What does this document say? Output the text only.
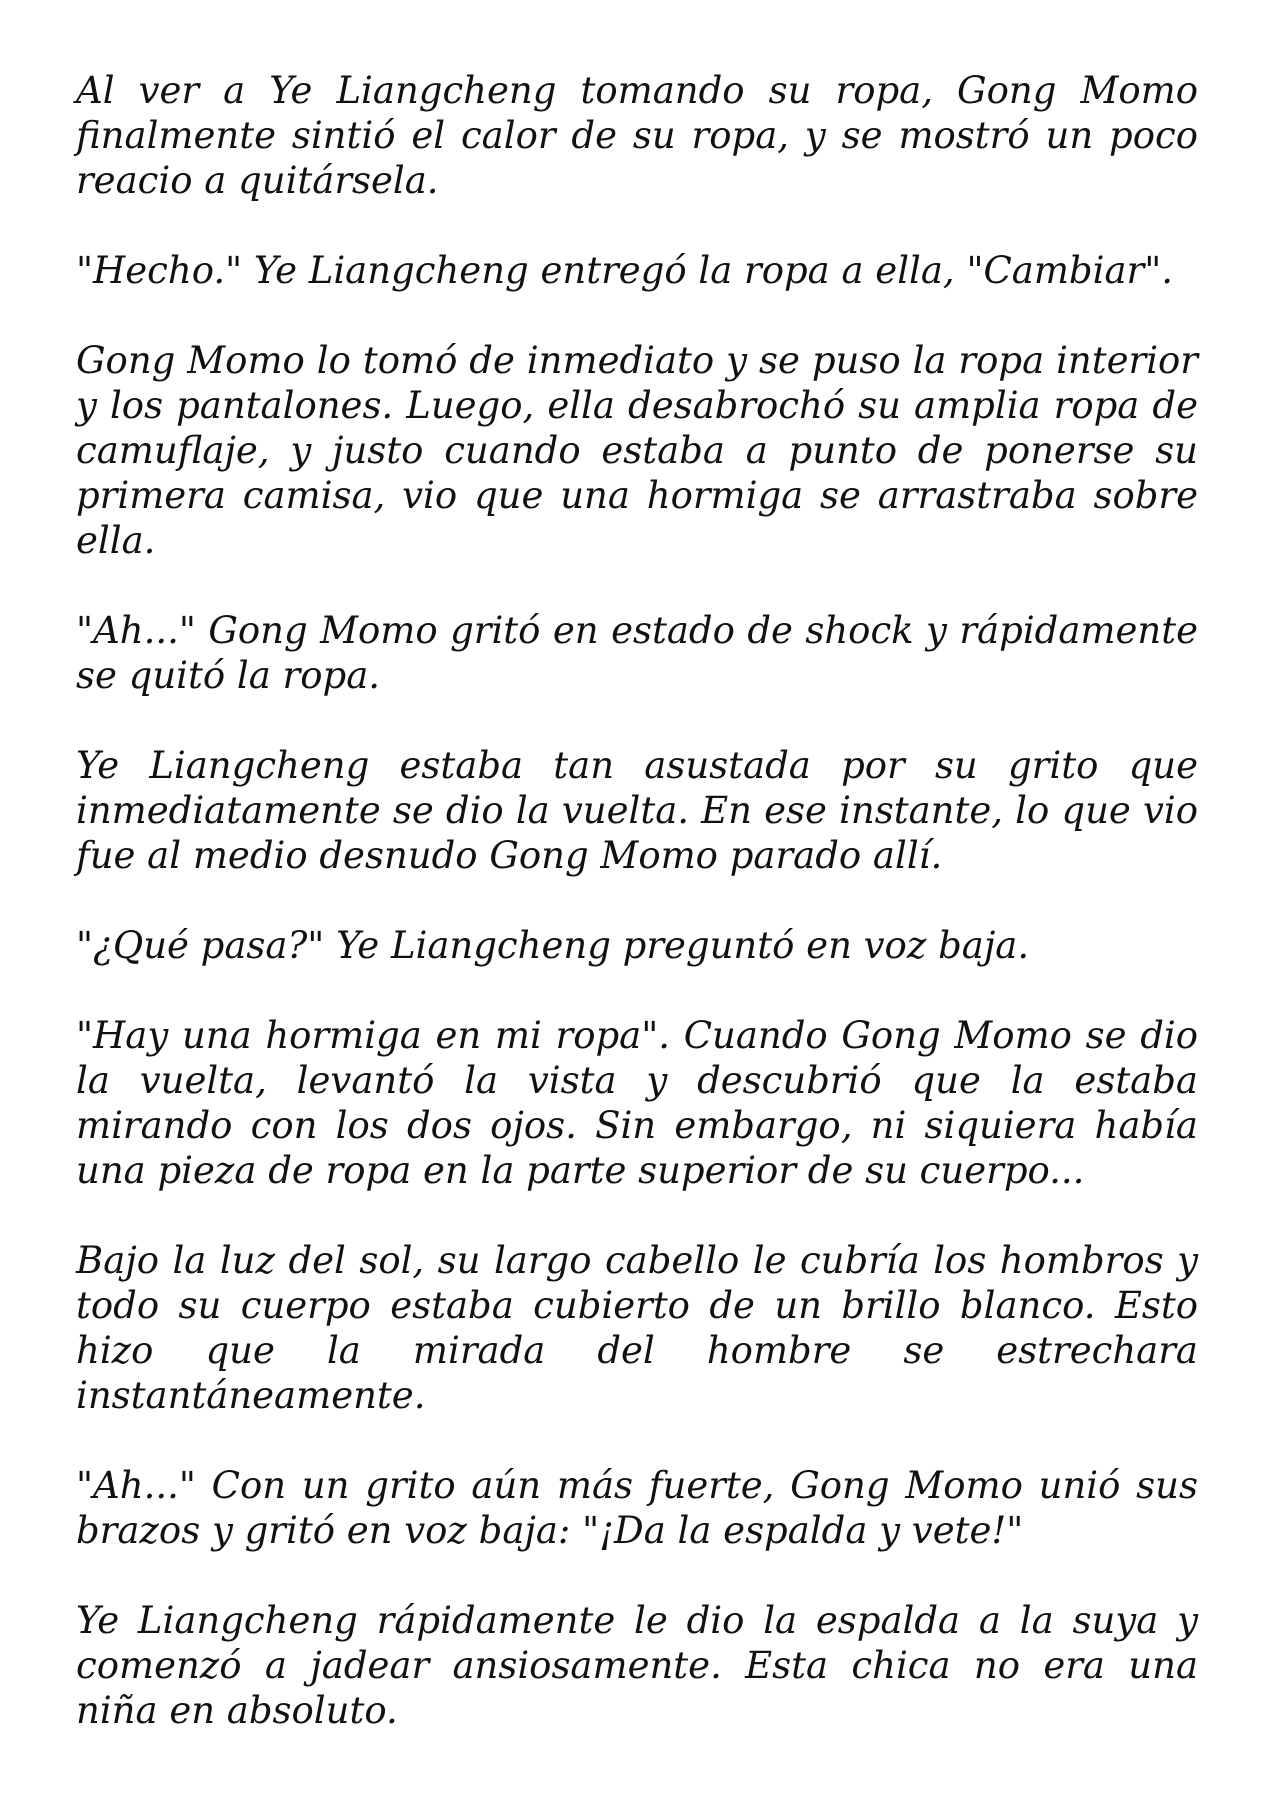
Al ver a Ye Liangcheng tomando su ropa, Gong Momo finalmente sintió el calor de su ropa, y se mostró un poco reacio a quitársela.

"Hecho." Ye Liangcheng entregó la ropa a ella, "Cambiar".

Gong Momo lo tomó de inmediato y se puso la ropa interior y los pantalones. Luego, ella desabrochó su amplia ropa de camuflaje, y justo cuando estaba a punto de ponerse su primera camisa, vio que una hormiga se arrastraba sobre ella.

"Ah..." Gong Momo gritó en estado de shock y rápidamente se quitó la ropa.

Ye Liangcheng estaba tan asustada por su grito que inmediatamente se dio la vuelta. En ese instante, lo que vio fue al medio desnudo Gong Momo parado allí.

"¿Qué pasa?" Ye Liangcheng preguntó en voz baja.

"Hay una hormiga en mi ropa". Cuando Gong Momo se dio la vuelta, levantó la vista y descubrió que la estaba mirando con los dos ojos. Sin embargo, ni siquiera había una pieza de ropa en la parte superior de su cuerpo...

Bajo la luz del sol, su largo cabello le cubría los hombros y todo su cuerpo estaba cubierto de un brillo blanco. Esto hizo que la mirada del hombre se estrechara instantáneamente.

"Ah..." Con un grito aún más fuerte, Gong Momo unió sus brazos y gritó en voz baja: "¡Da la espalda y vete!"

Ye Liangcheng rápidamente le dio la espalda a la suya y comenzó a jadear ansiosamente. Esta chica no era una niña en absoluto.
